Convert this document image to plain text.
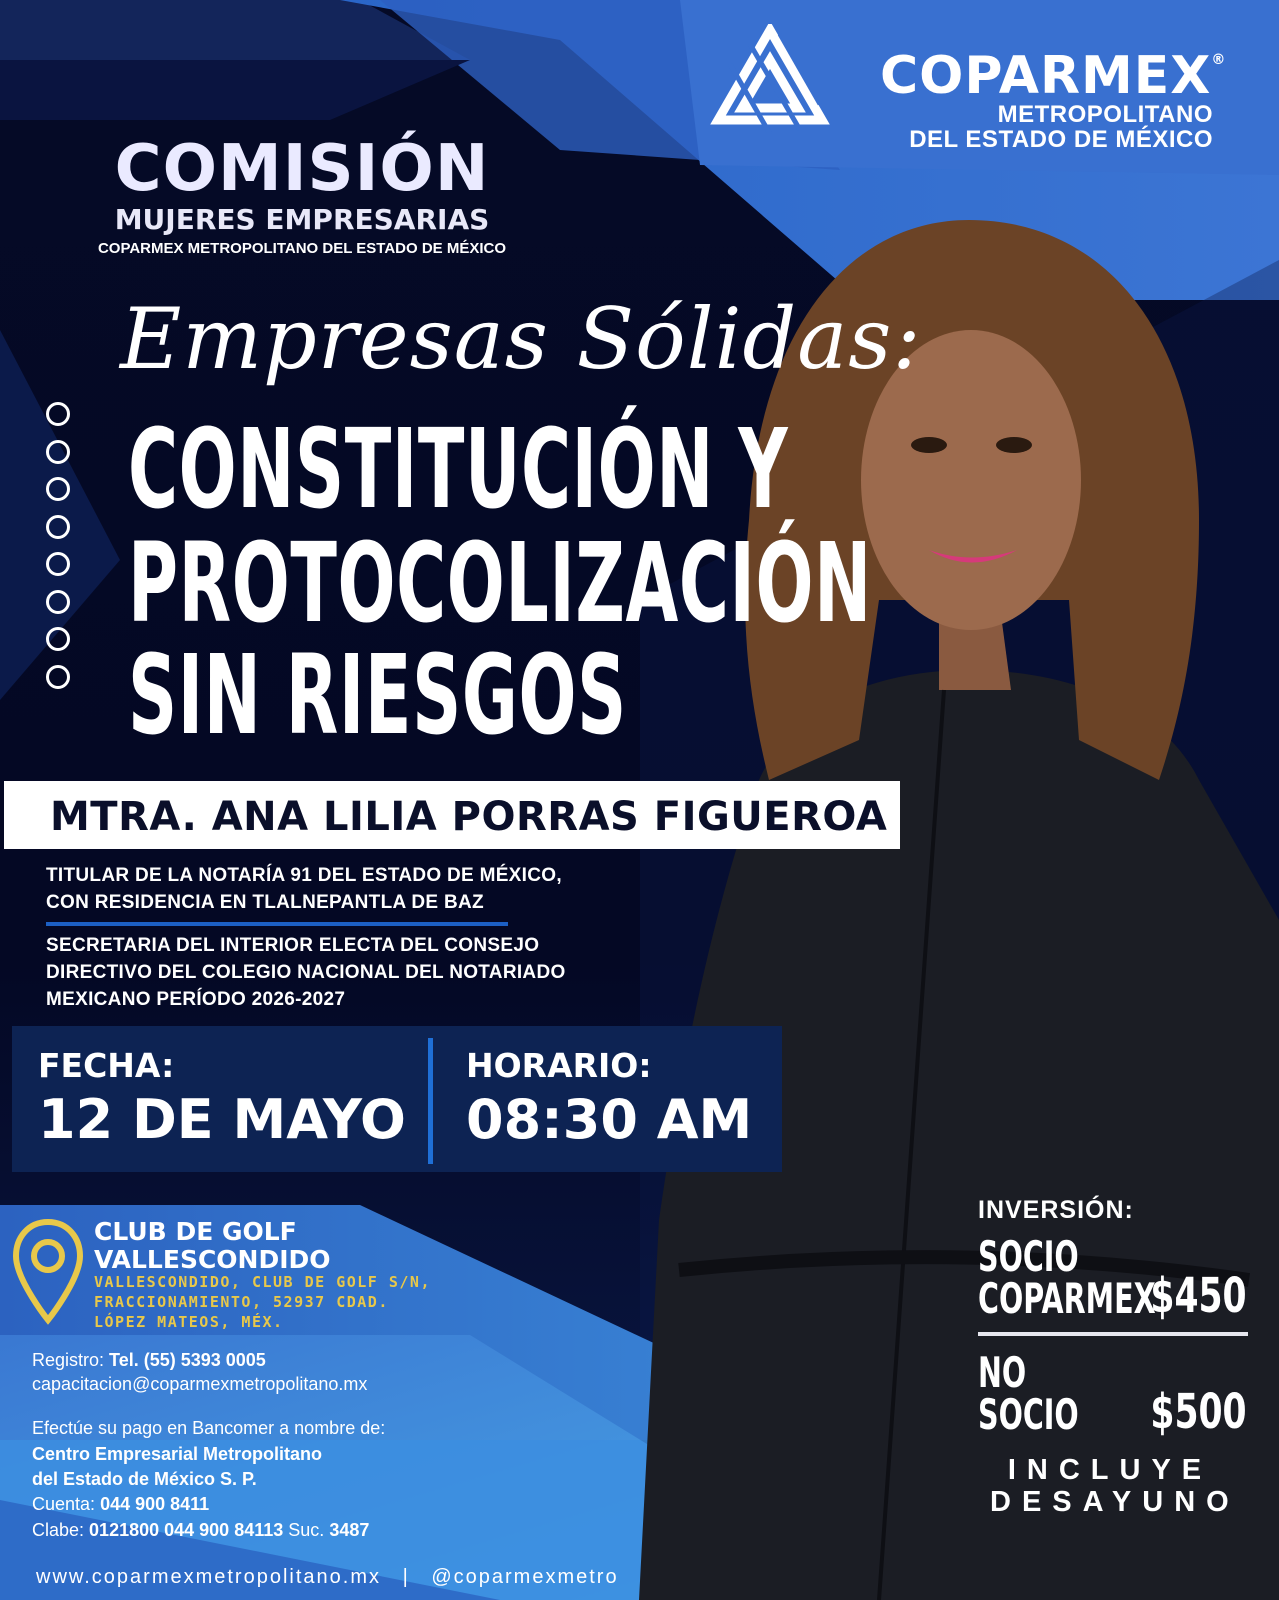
COPARMEX®
METROPOLITANO
DEL ESTADO DE MÉXICO
COMISIÓN
MUJERES EMPRESARIAS
COPARMEX METROPOLITANO DEL ESTADO DE MÉXICO
Empresas Sólidas:
CONSTITUCIÓN Y
PROTOCOLIZACIÓN
SIN RIESGOS
MTRA. ANA LILIA PORRAS FIGUEROA
TITULAR DE LA NOTARÍA 91 DEL ESTADO DE MÉXICO,
CON RESIDENCIA EN TLALNEPANTLA DE BAZ
SECRETARIA DEL INTERIOR ELECTA DEL CONSEJO
DIRECTIVO DEL COLEGIO NACIONAL DEL NOTARIADO
MEXICANO PERÍODO 2026-2027
FECHA:
12 DE MAYO
HORARIO:
08:30 AM
CLUB DE GOLF
VALLESCONDIDO
VALLESCONDIDO, CLUB DE GOLF S/N,
FRACCIONAMIENTO, 52937 CDAD.
LÓPEZ MATEOS, MÉX.
Registro: Tel. (55) 5393 0005
capacitacion@coparmexmetropolitano.mx
Efectúe su pago en Bancomer a nombre de:
Centro Empresarial Metropolitano
del Estado de México S. P.
Cuenta: 044 900 8411
Clabe: 0121800 044 900 84113 Suc. 3487
www.coparmexmetropolitano.mx | @coparmexmetro
INVERSIÓN:
SOCIO
COPARMEX
$450
NO
SOCIO $500
INCLUYE
DESAYUNO
